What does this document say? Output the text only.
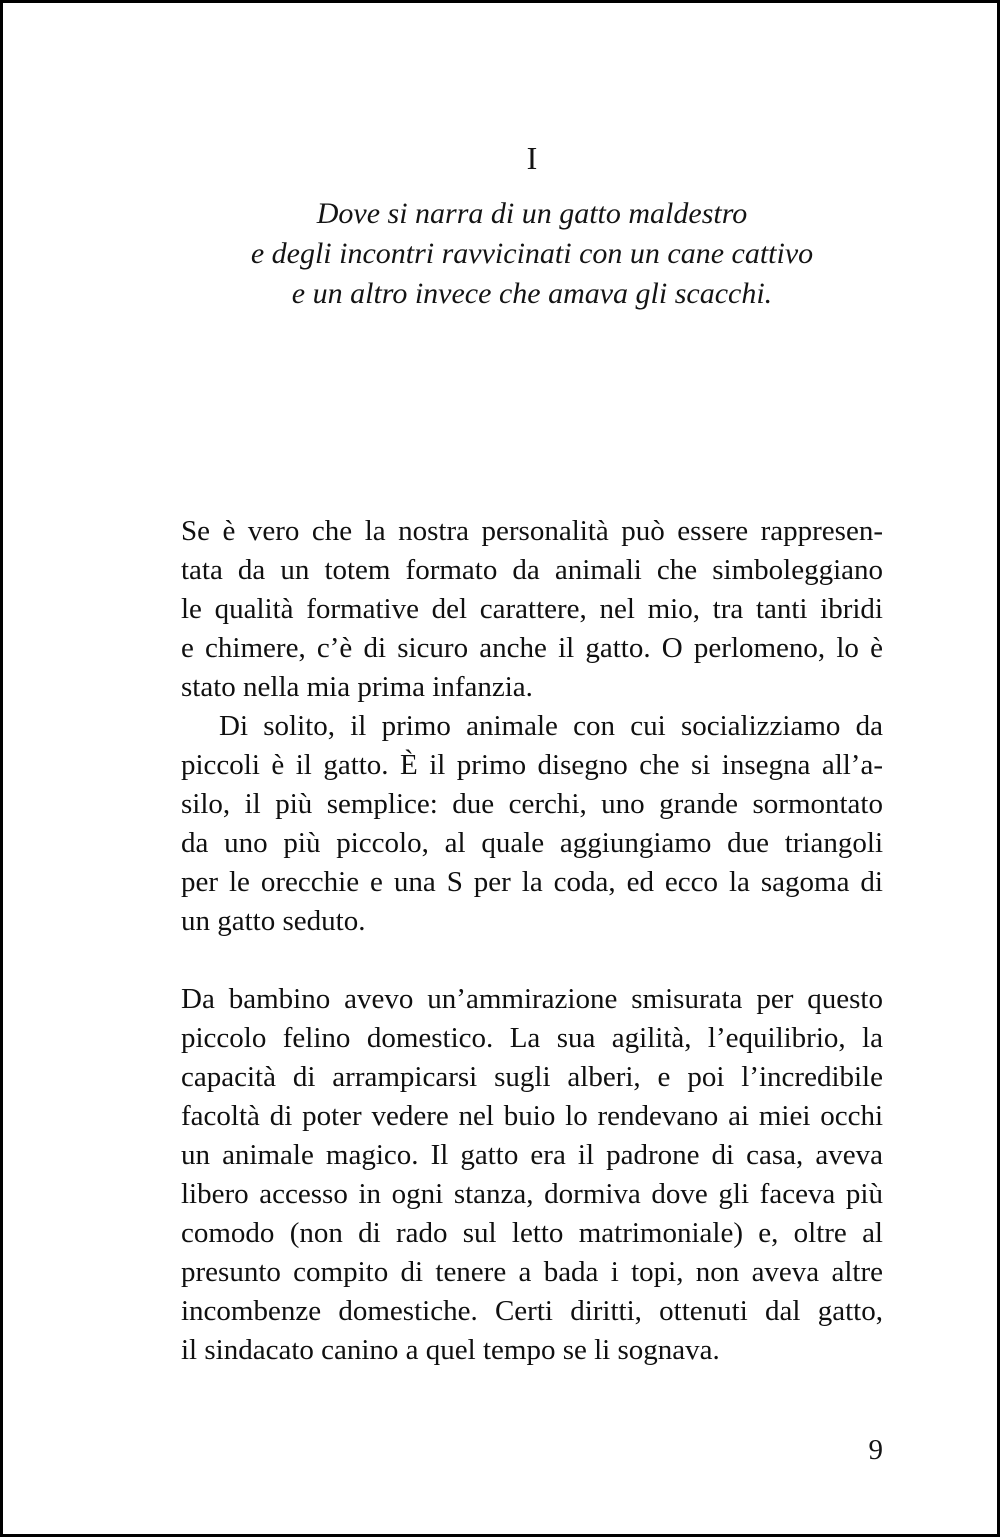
I
Dove si narra di un gatto maldestro
e degli incontri ravvicinati con un cane cattivo
e un altro invece che amava gli scacchi.
Se è vero che la nostra personalità può essere rappresen-
tata da un totem formato da animali che simboleggiano
le qualità formative del carattere, nel mio, tra tanti ibridi
e chimere, c’è di sicuro anche il gatto. O perlomeno, lo è
stato nella mia prima infanzia.
Di solito, il primo animale con cui socializziamo da
piccoli è il gatto. È il primo disegno che si insegna all’a-
silo, il più semplice: due cerchi, uno grande sormontato
da uno più piccolo, al quale aggiungiamo due triangoli
per le orecchie e una S per la coda, ed ecco la sagoma di
un gatto seduto.
Da bambino avevo un’ammirazione smisurata per questo
piccolo felino domestico. La sua agilità, l’equilibrio, la
capacità di arrampicarsi sugli alberi, e poi l’incredibile
facoltà di poter vedere nel buio lo rendevano ai miei occhi
un animale magico. Il gatto era il padrone di casa, aveva
libero accesso in ogni stanza, dormiva dove gli faceva più
comodo (non di rado sul letto matrimoniale) e, oltre al
presunto compito di tenere a bada i topi, non aveva altre
incombenze domestiche. Certi diritti, ottenuti dal gatto,
il sindacato canino a quel tempo se li sognava.
9
